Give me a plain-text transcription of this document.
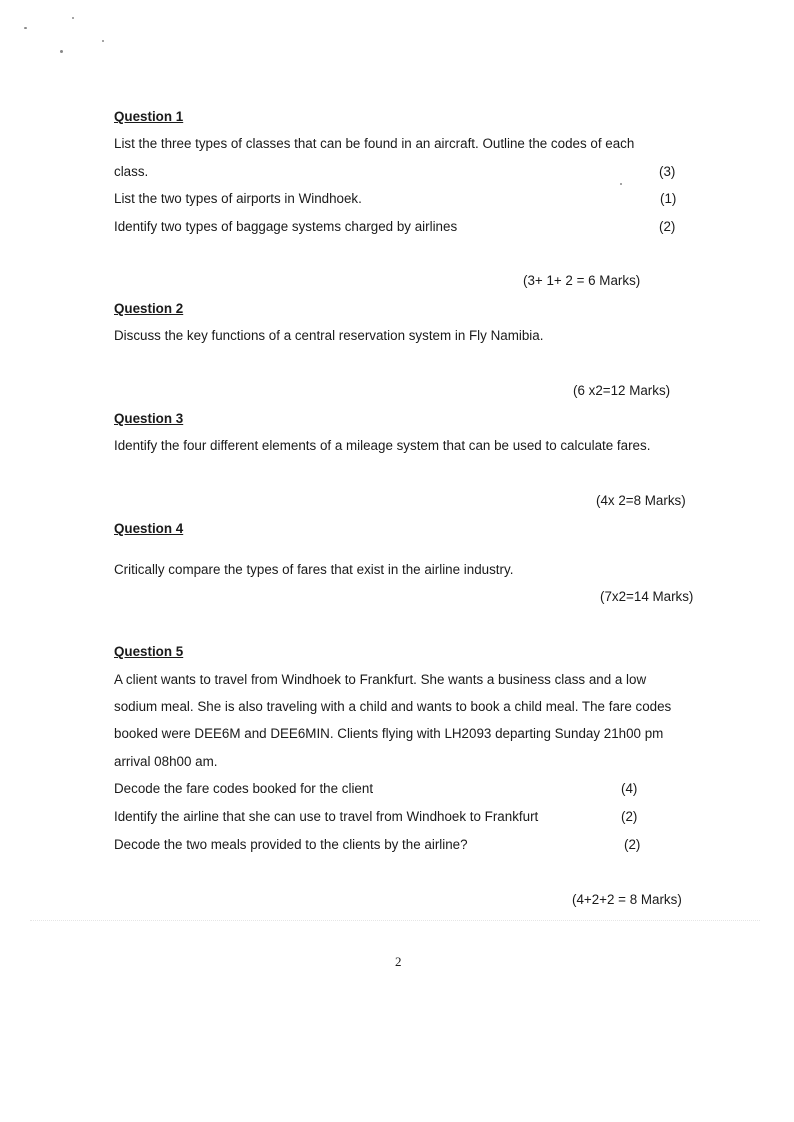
Question 1
List the three types of classes that can be found in an aircraft. Outline the codes of each
class.	(3)
List the two types of airports in Windhoek.	(1)
Identify two types of baggage systems charged by airlines	(2)
(3+ 1+ 2 = 6 Marks)
Question 2
Discuss the key functions of a central reservation system in Fly Namibia.
(6 x2=12 Marks)
Question 3
Identify the four different elements of a mileage system that can be used to calculate fares.
(4x 2=8 Marks)
Question 4
Critically compare the types of fares that exist in the airline industry.
(7x2=14 Marks)
Question 5
A client wants to travel from Windhoek to Frankfurt. She wants a business class and a low
sodium meal. She is also traveling with a child and wants to book a child meal. The fare codes
booked were DEE6M and DEE6MIN. Clients flying with LH2093 departing Sunday 21h00 pm
arrival 08h00 am.
Decode the fare codes booked for the client	(4)
Identify the airline that she can use to travel from Windhoek to Frankfurt	(2)
Decode the two meals provided to the clients by the airline?	(2)
(4+2+2 = 8 Marks)
2
